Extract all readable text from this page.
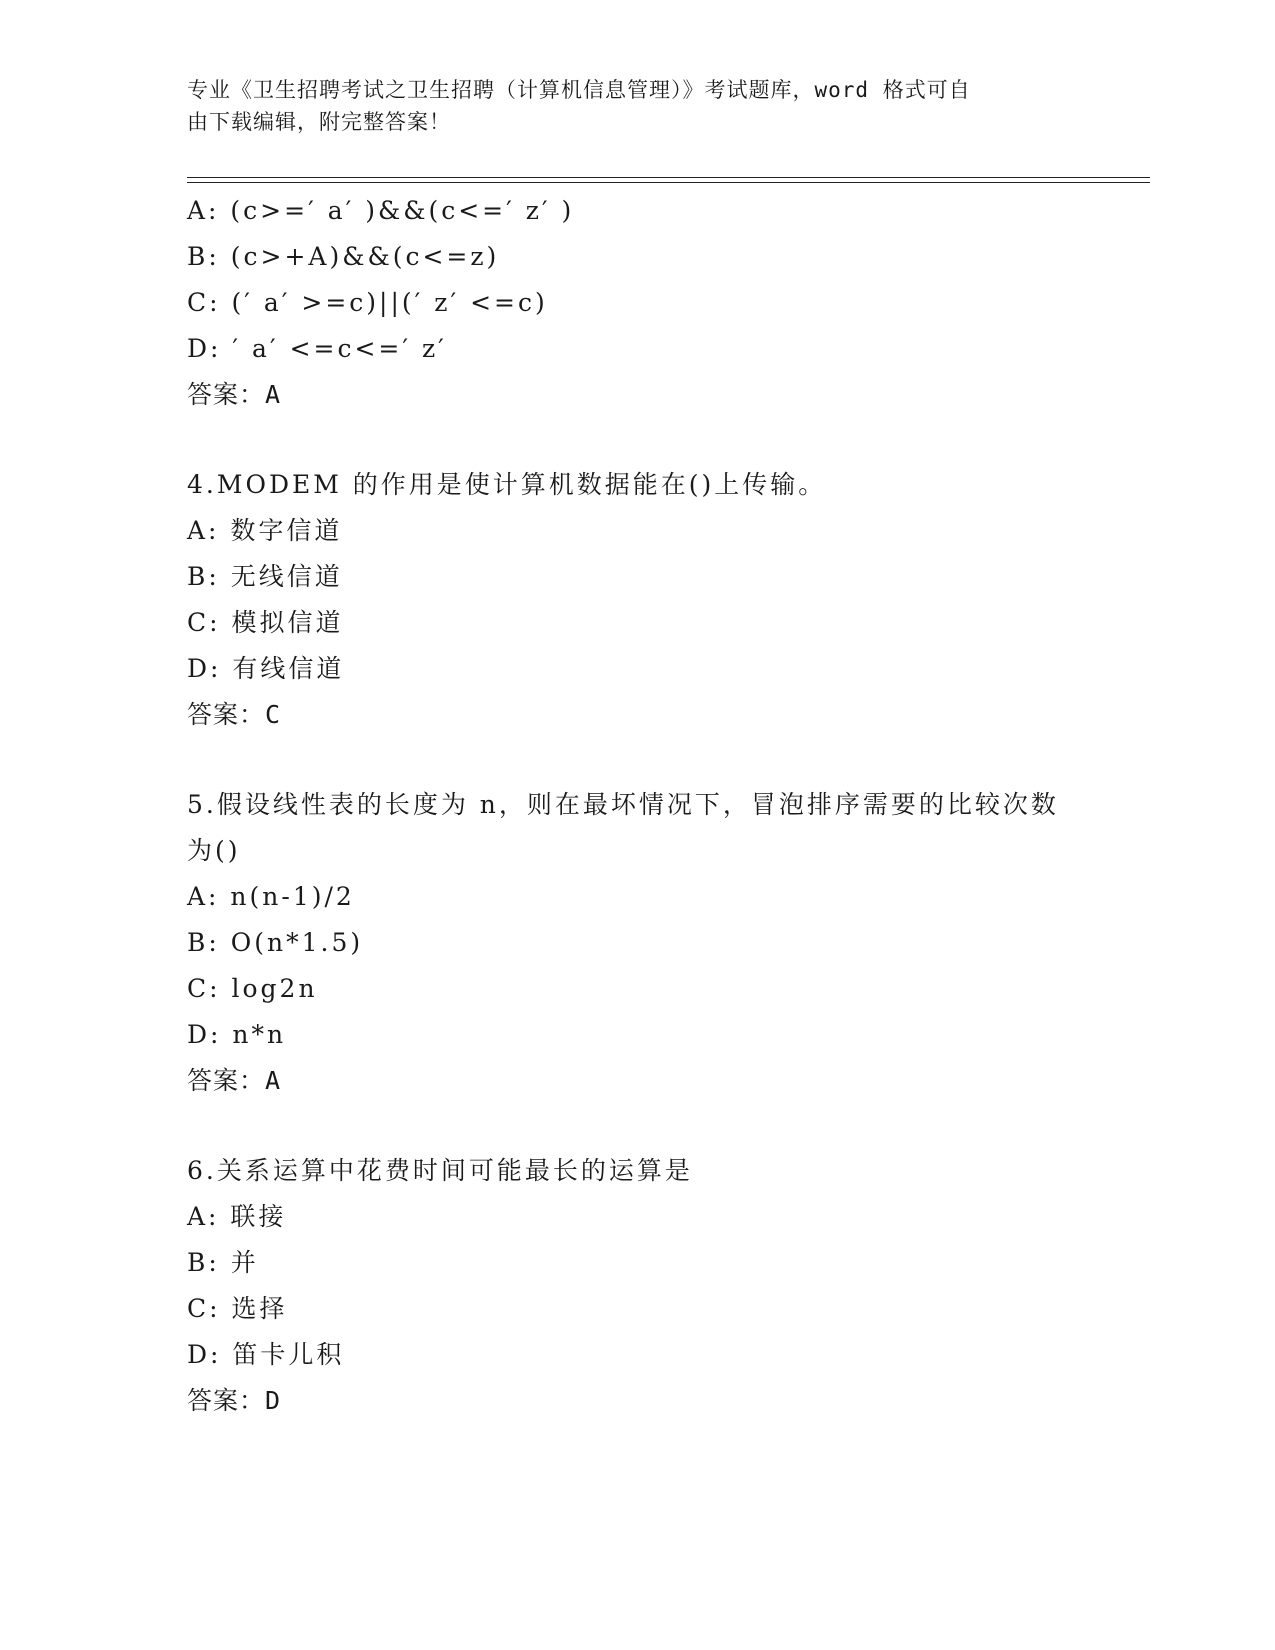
专业《卫生招聘考试之卫生招聘（计算机信息管理）》考试题库，word 格式可自
由下载编辑，附完整答案！
A: (c>=′ a′ )&&(c<=′ z′ )
B: (c>+A)&&(c<=z)
C: (′ a′ >=c)||(′ z′ <=c)
D: ′ a′ <=c<=′ z′
答案：A
4.MODEM 的作用是使计算机数据能在()上传输。
A: 数字信道
B: 无线信道
C: 模拟信道
D: 有线信道
答案：C
5.假设线性表的长度为 n，则在最坏情况下，冒泡排序需要的比较次数
为()
A: n(n-1)/2
B: O(n*1.5)
C: log2n
D: n*n
答案：A
6.关系运算中花费时间可能最长的运算是
A: 联接
B: 并
C: 选择
D: 笛卡儿积
答案：D
